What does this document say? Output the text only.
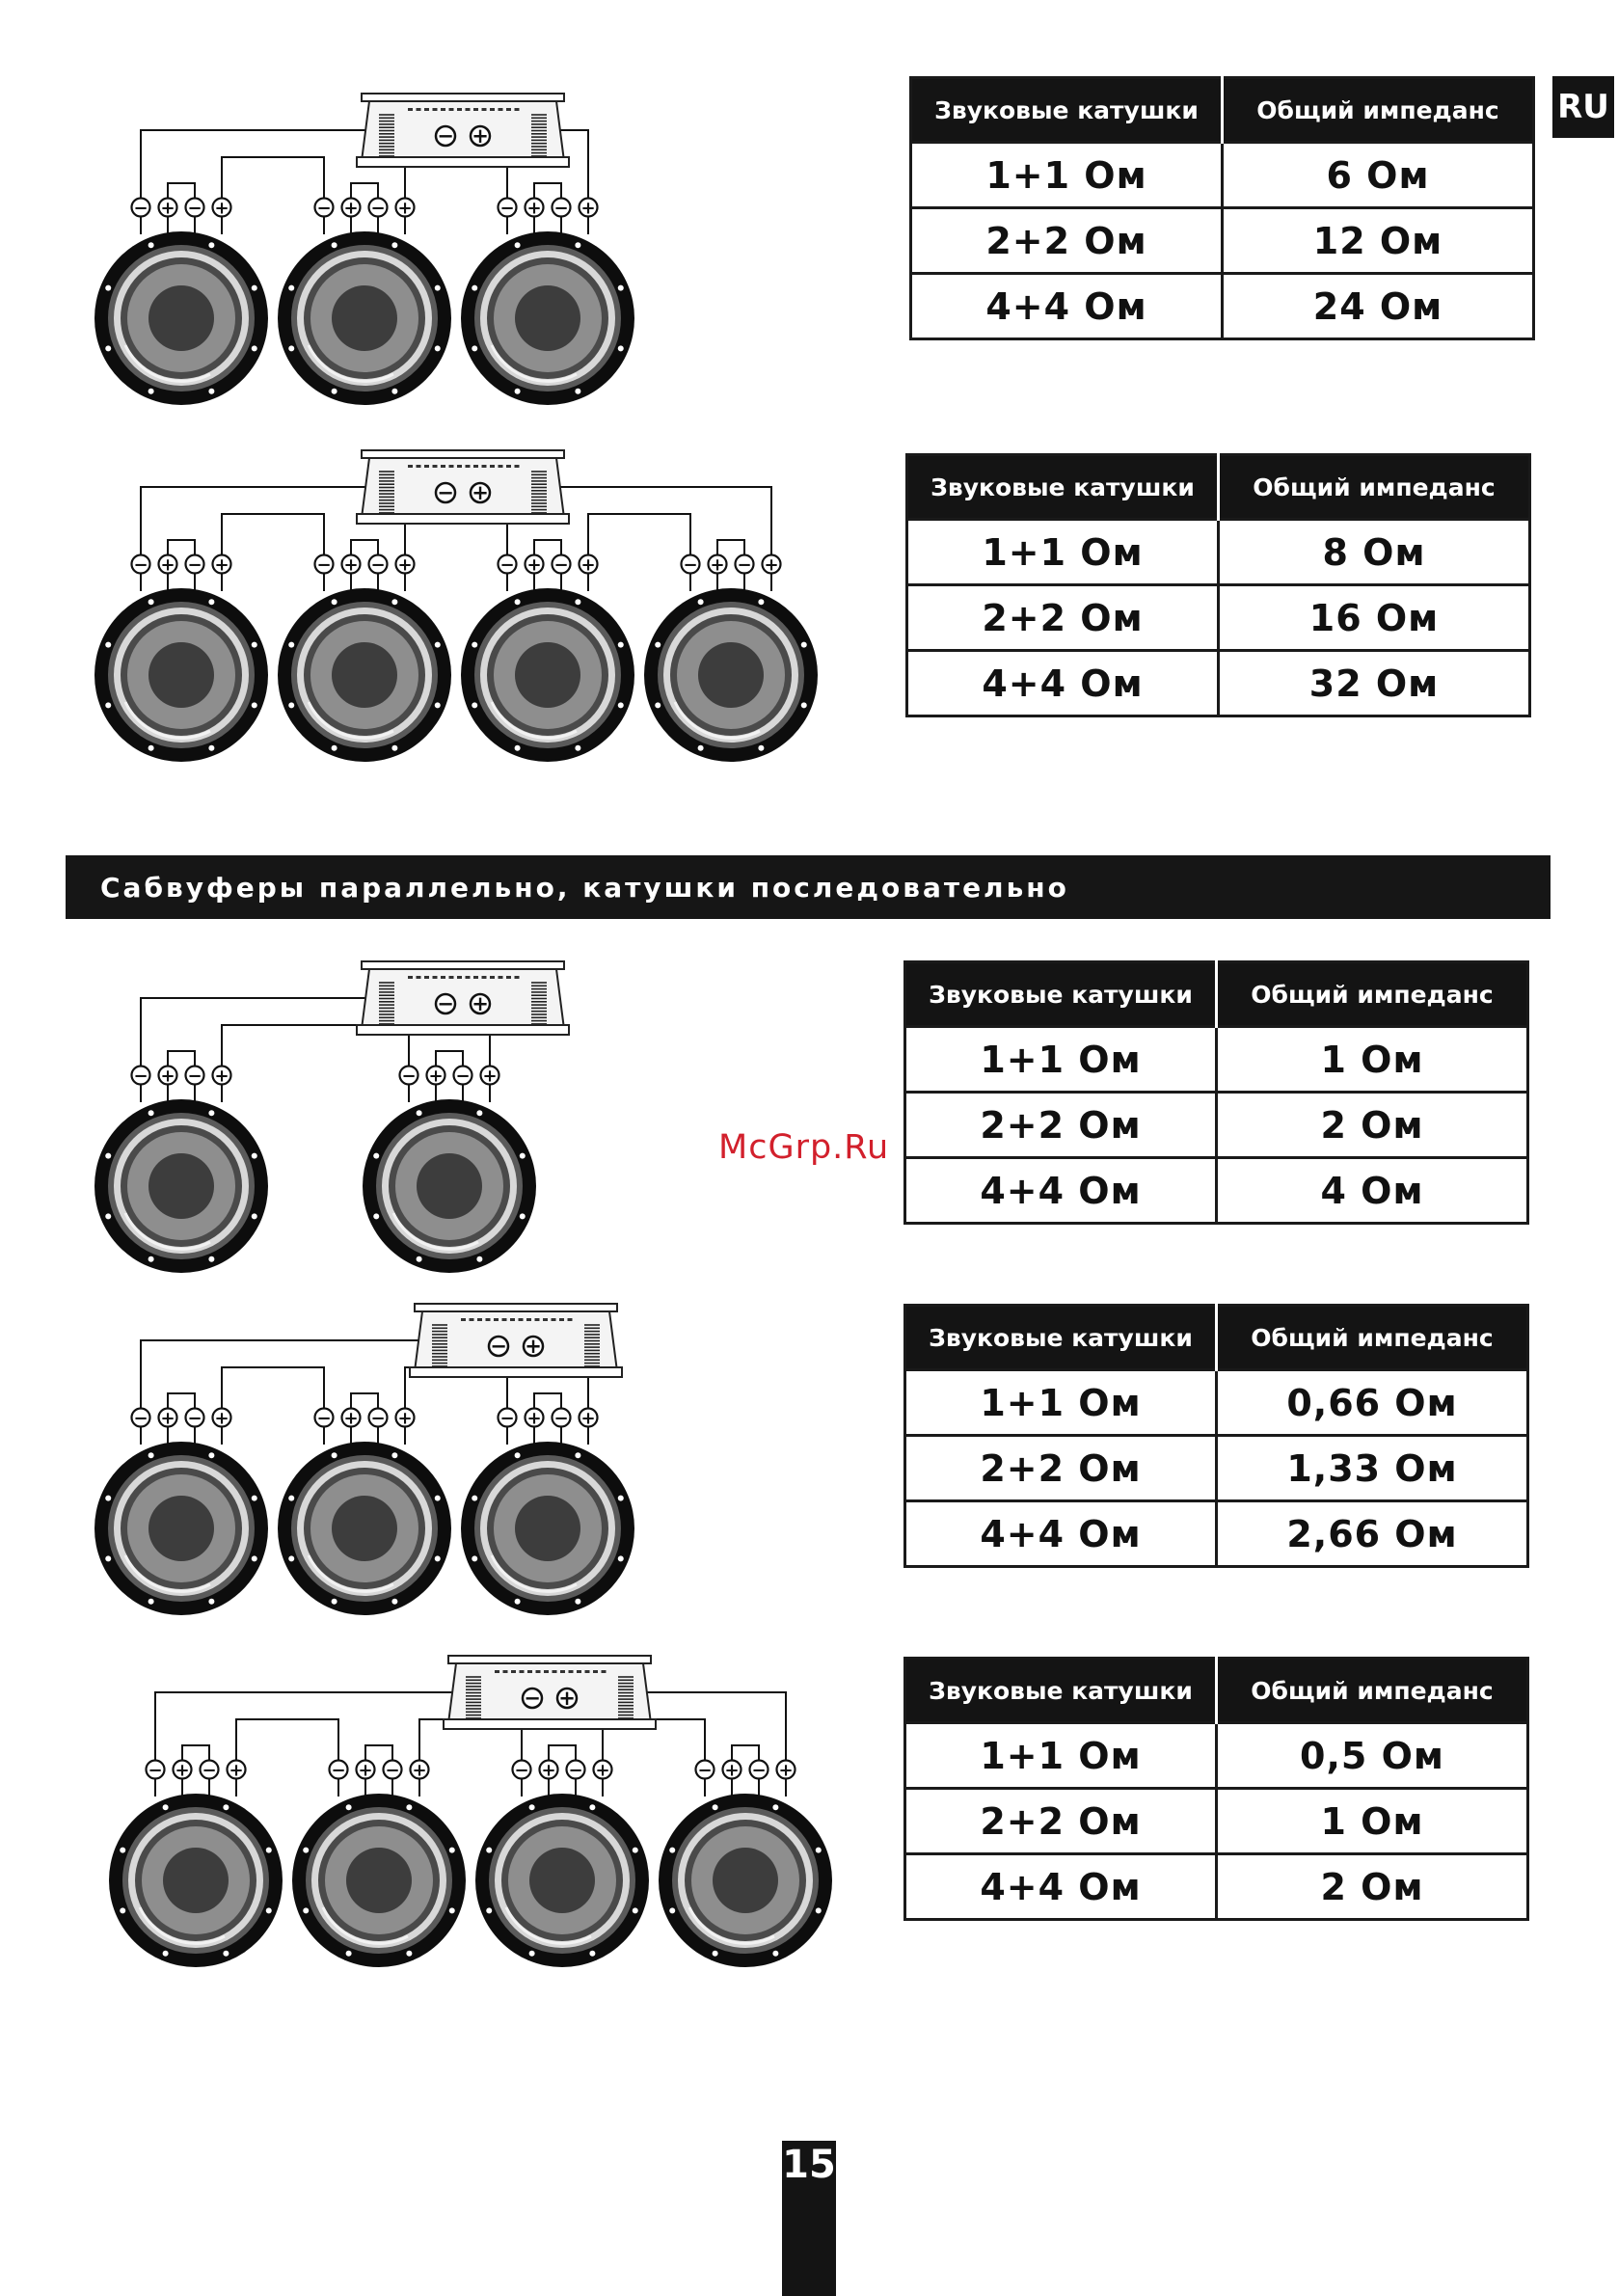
RU
− +
− + − +	− + − +	− + − +
− +
− + − +	− + − +	− + − +	− + − +
− +
− + − +	− + − +
− +
− + − +	− + − +	− + − +
− +
− + − +	− + − +	− + − +	− + − +
Звуковые катушки	Общий импеданс
1+1 Ом	6 Ом
2+2 Ом	12 Ом
4+4 Ом	24 Ом
Звуковые катушки	Общий импеданс
1+1 Ом	8 Ом
2+2 Ом	16 Ом
4+4 Ом	32 Ом
Сабвуферы параллельно, катушки последовательно
Звуковые катушки	Общий импеданс
1+1 Ом	1 Ом
2+2 Ом	2 Ом
4+4 Ом	4 Ом
Звуковые катушки	Общий импеданс
1+1 Ом	0,66 Ом
2+2 Ом	1,33 Ом
4+4 Ом	2,66 Ом
Звуковые катушки	Общий импеданс
1+1 Ом	0,5 Ом
2+2 Ом	1 Ом
4+4 Ом	2 Ом
McGrp.Ru
15
